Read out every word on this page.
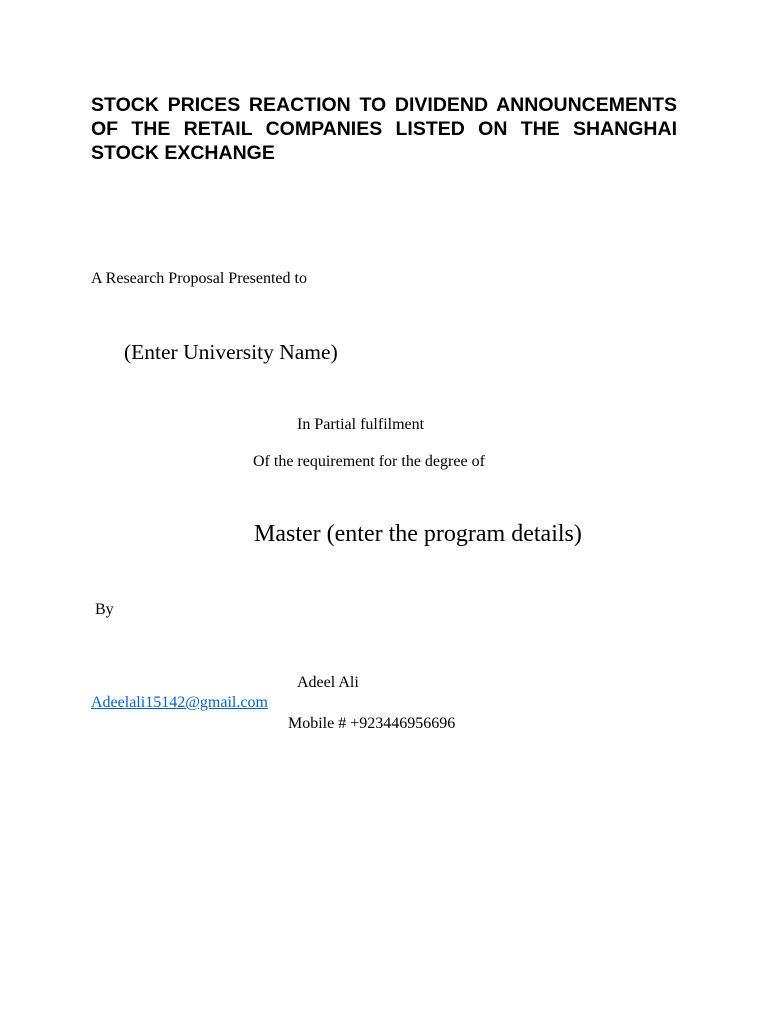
STOCK PRICES REACTION TO DIVIDEND ANNOUNCEMENTS OF THE RETAIL COMPANIES LISTED ON THE SHANGHAI STOCK EXCHANGE

A Research Proposal Presented to

(Enter University Name)

In Partial fulfilment

Of the requirement for the degree of

Master (enter the program details)

By

Adeel Ali

Adeelali15142@gmail.com

Mobile # +923446956696
